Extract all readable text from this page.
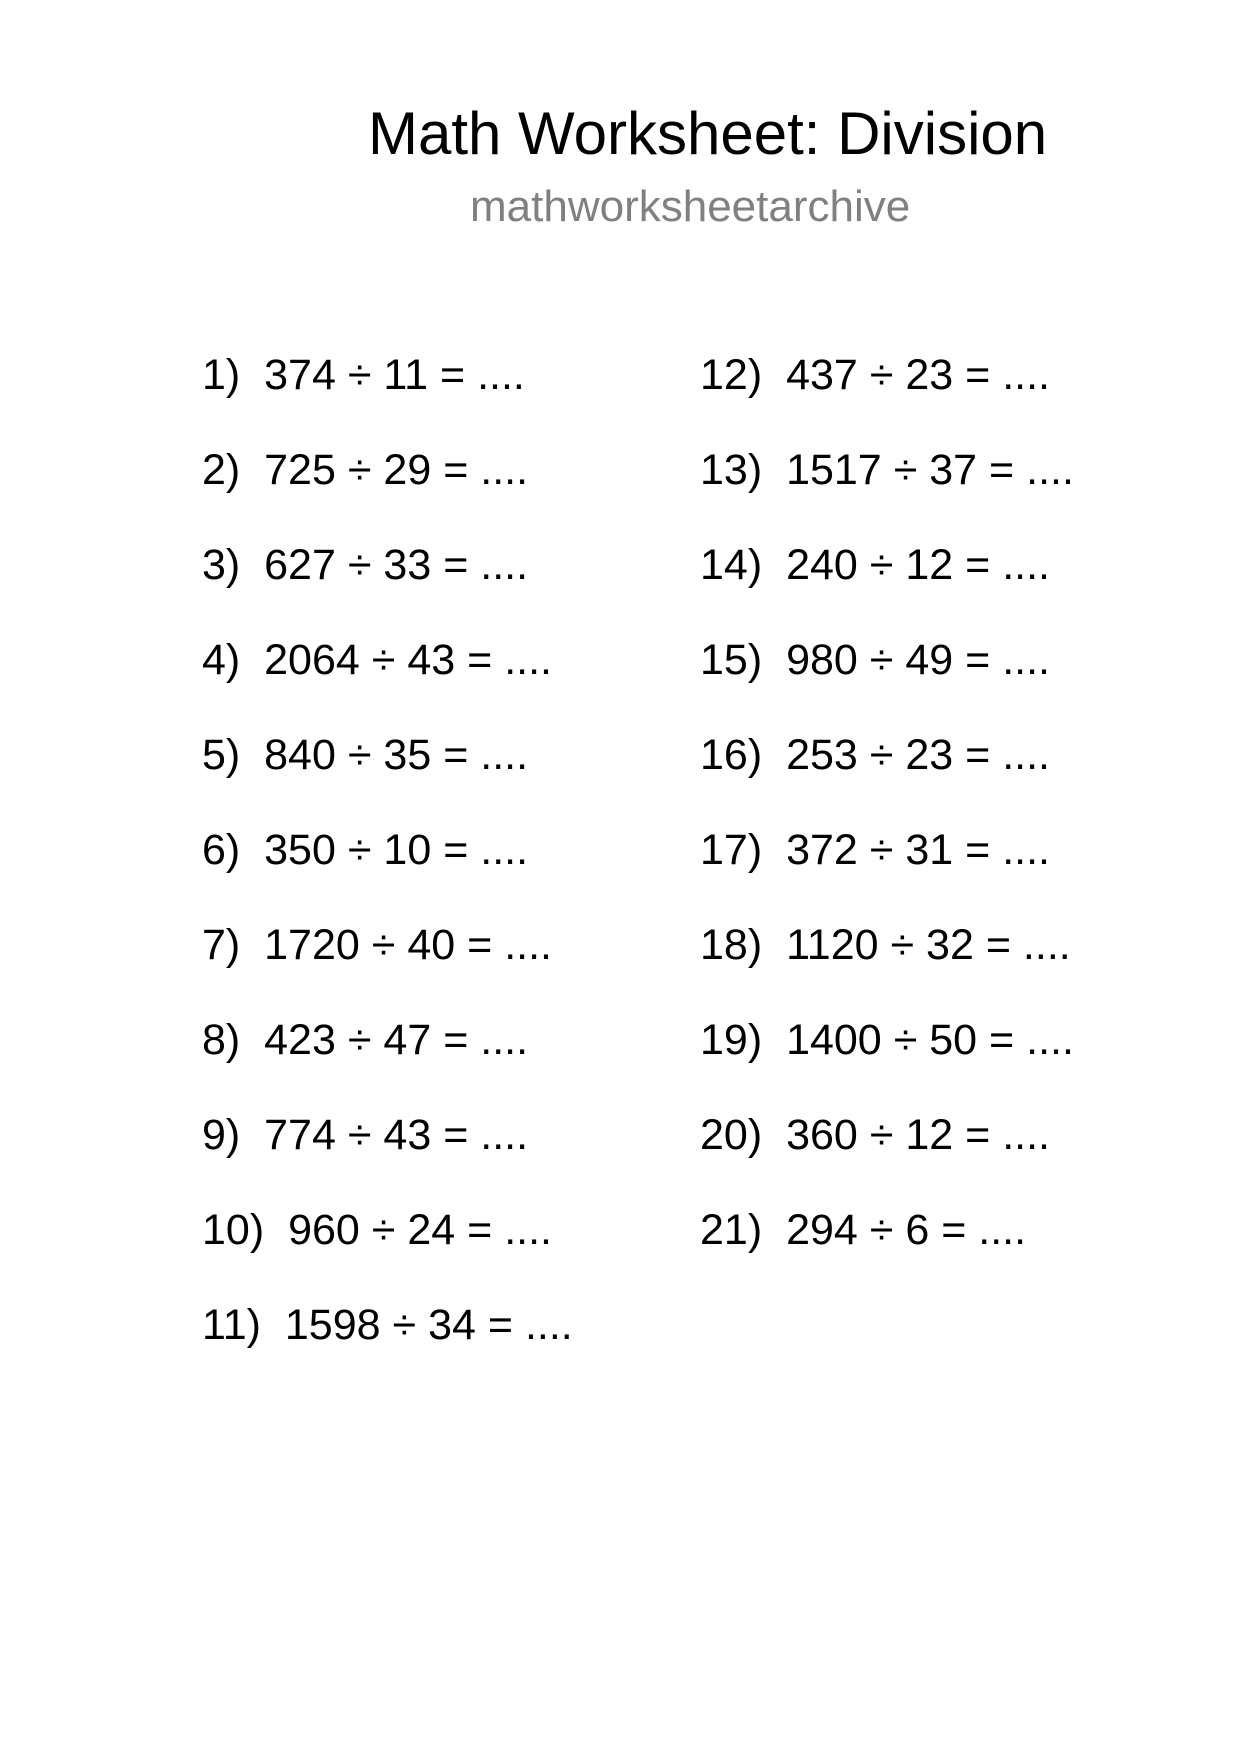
Math Worksheet: Division
mathworksheetarchive
1) 374 ÷ 11 = ....
2) 725 ÷ 29 = ....
3) 627 ÷ 33 = ....
4) 2064 ÷ 43 = ....
5) 840 ÷ 35 = ....
6) 350 ÷ 10 = ....
7) 1720 ÷ 40 = ....
8) 423 ÷ 47 = ....
9) 774 ÷ 43 = ....
10) 960 ÷ 24 = ....
11) 1598 ÷ 34 = ....
12) 437 ÷ 23 = ....
13) 1517 ÷ 37 = ....
14) 240 ÷ 12 = ....
15) 980 ÷ 49 = ....
16) 253 ÷ 23 = ....
17) 372 ÷ 31 = ....
18) 1120 ÷ 32 = ....
19) 1400 ÷ 50 = ....
20) 360 ÷ 12 = ....
21) 294 ÷ 6 = ....
